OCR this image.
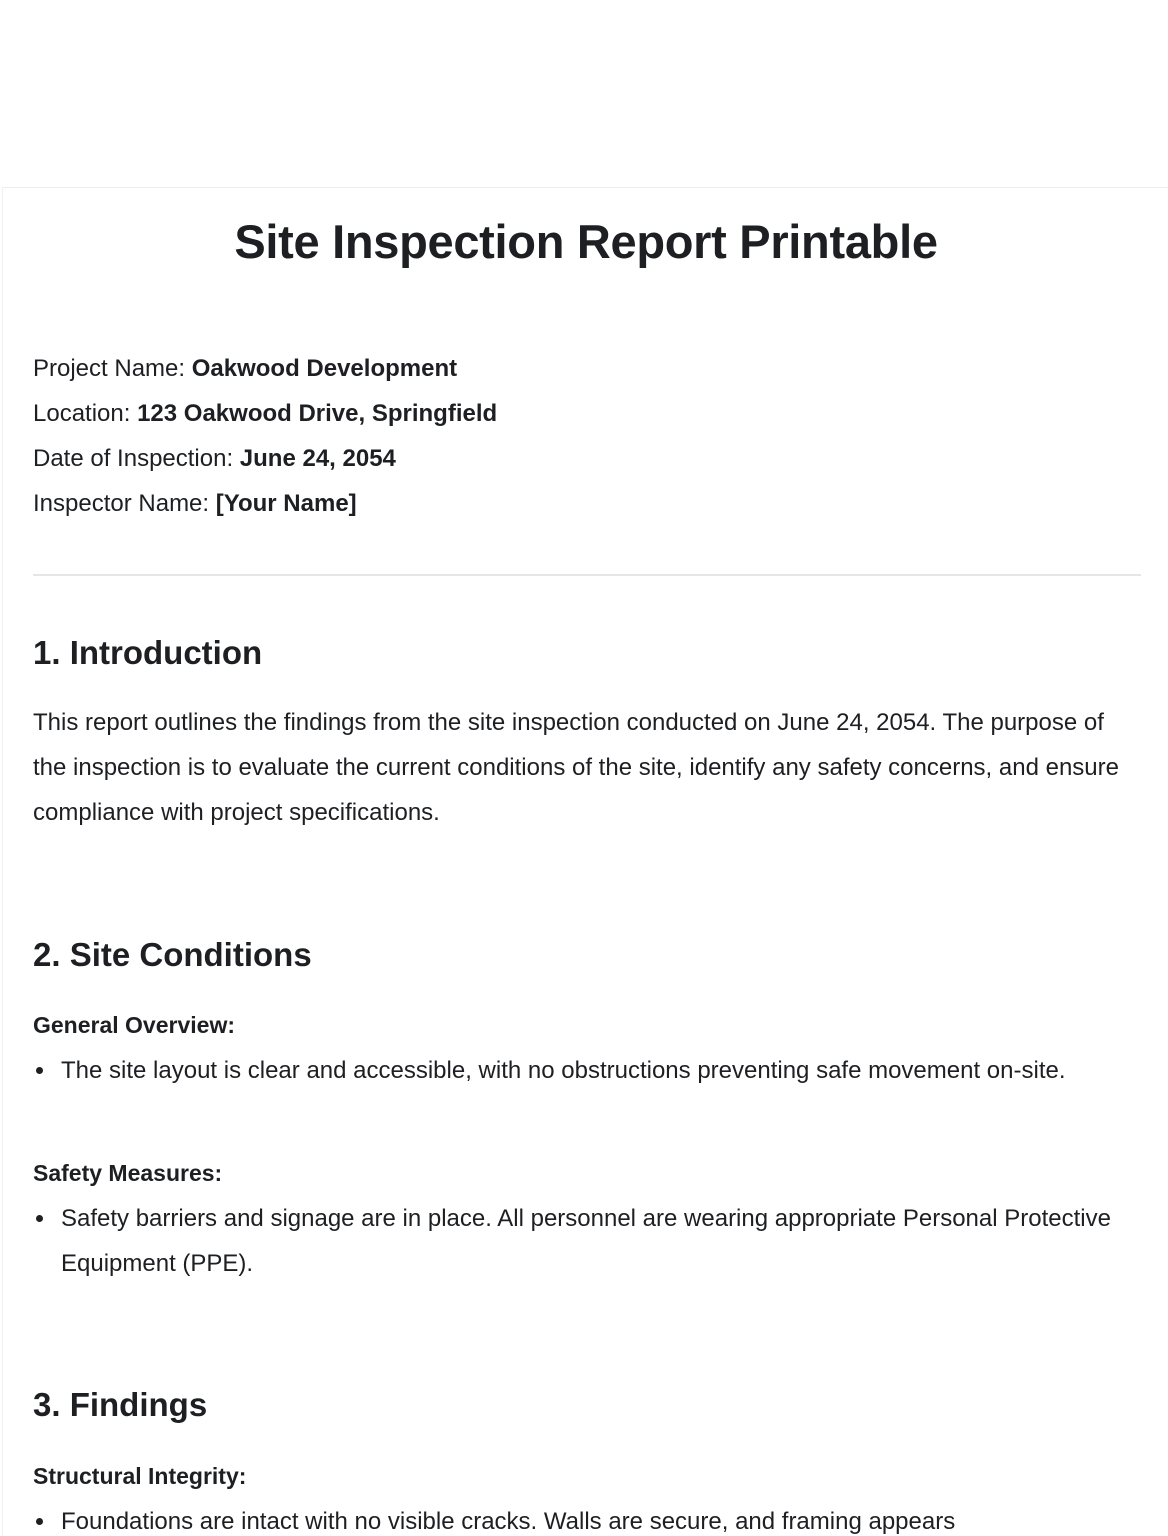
Site Inspection Report Printable
Project Name: Oakwood Development
Location: 123 Oakwood Drive, Springfield
Date of Inspection: June 24, 2054
Inspector Name: [Your Name]
1. Introduction

This report outlines the findings from the site inspection conducted on June 24, 2054. The purpose of the inspection is to evaluate the current conditions of the site, identify any safety concerns, and ensure compliance with project specifications.

2. Site Conditions
General Overview:
The site layout is clear and accessible, with no obstructions preventing safe movement on-site.
Safety Measures:
Safety barriers and signage are in place. All personnel are wearing appropriate Personal Protective Equipment (PPE).
3. Findings
Structural Integrity:
Foundations are intact with no visible cracks. Walls are secure, and framing appears
